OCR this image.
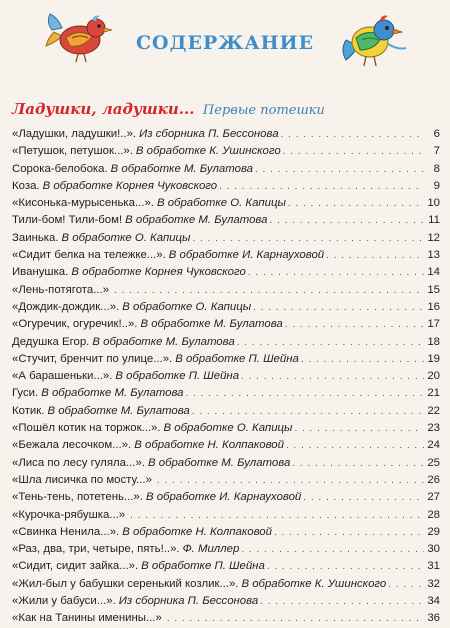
СОДЕРЖАНИЕ
Ладушки, ладушки... Первые потешки
«Ладушки, ладушки!..». Из сборника П. Бессонова . . .	6
«Петушок, петушок...». В обработке К. Ушинского . . .	7
Сорока-белобока. В обработке М. Булатова . . .	8
Коза. В обработке Корнея Чуковского . . .	9
«Кисонька-мурысенька...». В обработке О. Капицы . . .	10
Тили-бом! Тили-бом! В обработке М. Булатова . . .	11
Заинька. В обработке О. Капицы . . .	12
«Сидит белка на тележке...». В обработке И. Карнауховой . . .	13
Иванушка. В обработке Корнея Чуковского . . .	14
«Лень-потягота...» . . .	15
«Дождик-дождик...». В обработке О. Капицы . . .	16
«Огуречик, огуречик!..». В обработке М. Булатова . . .	17
Дедушка Егор. В обработке М. Булатова . . .	18
«Стучит, бренчит по улице...». В обработке П. Шейна . . .	19
«А барашеньки...». В обработке П. Шейна . . .	20
Гуси. В обработке М. Булатова . . .	21
Котик. В обработке М. Булатова . . .	22
«Пошёл котик на торжок...». В обработке О. Капицы . . .	23
«Бежала лесочком...». В обработке Н. Колпаковой . . .	24
«Лиса по лесу гуляла...». В обработке М. Булатова . . .	25
«Шла лисичка по мосту...» . . .	26
«Тень-тень, потетень...». В обработке И. Карнауховой . . .	27
«Курочка-рябушка...» . . .	28
«Свинка Ненила...». В обработке Н. Колпаковой . . .	29
«Раз, два, три, четыре, пять!..». Ф. Миллер . . .	30
«Сидит, сидит зайка...». В обработке П. Шейна . . .	31
«Жил-был у бабушки серенький козлик...». В обработке К. Ушинского . . .	32
«Жили у бабуси...». Из сборника П. Бессонова . . .	34
«Как на Танины именины...» . . .	36
